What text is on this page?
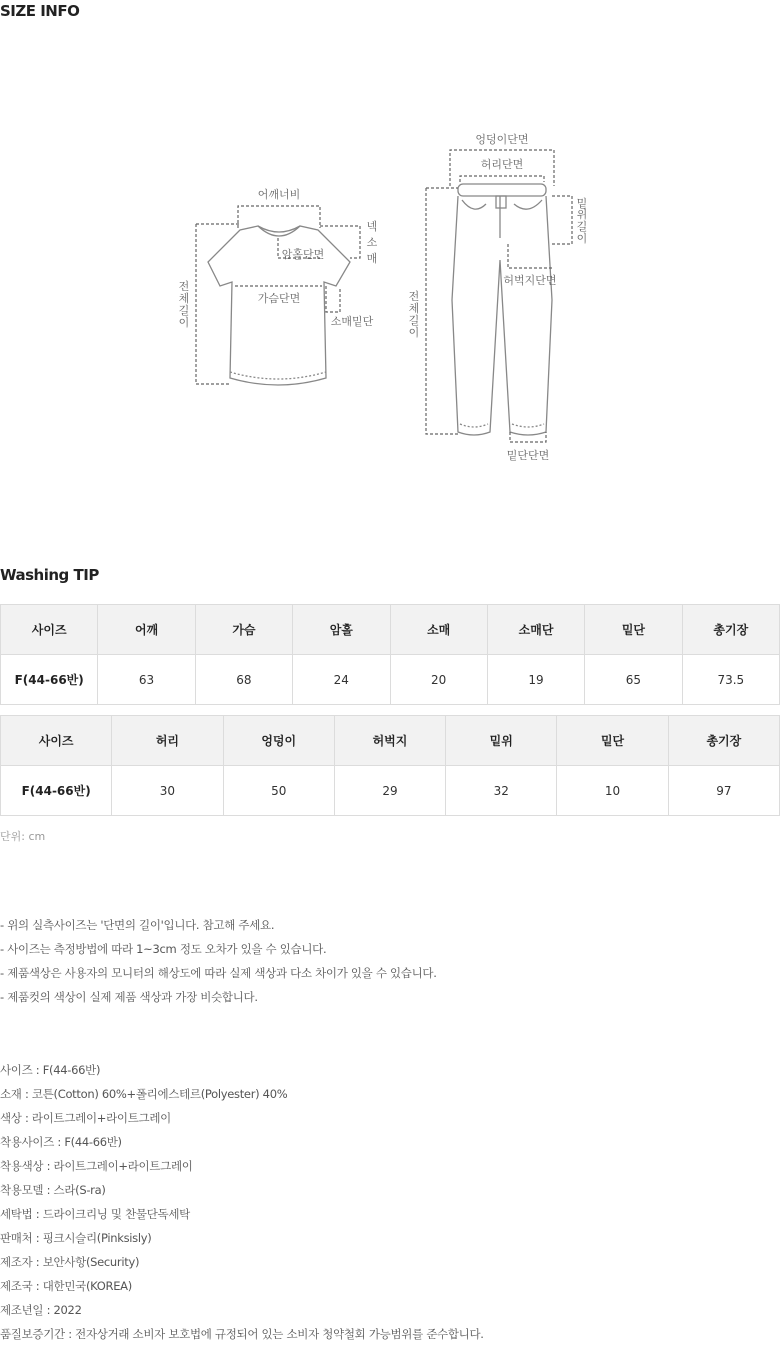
SIZE INFO
어깨너비
암홀단면
넥
소
매
가슴단면
소매밑단
전
체
길
이
엉덩이단면
허리단면
밑
위
길
이
허벅지단면
전
체
길
이
밑단단면
Washing TIP
사이즈	어깨	가슴	암홀	소매	소매단	밑단	총기장
F(44-66반)	63	68	24	20	19	65	73.5
사이즈	허리	엉덩이	허벅지	밑위	밑단	총기장
F(44-66반)	30	50	29	32	10	97
단위: cm
- 위의 실측사이즈는 '단면의 길이'입니다. 참고해 주세요.
- 사이즈는 측정방법에 따라 1~3cm 정도 오차가 있을 수 있습니다.
- 제품색상은 사용자의 모니터의 해상도에 따라 실제 색상과 다소 차이가 있을 수 있습니다.
- 제품컷의 색상이 실제 제품 색상과 가장 비슷합니다.
사이즈 : F(44-66반)
소재 : 코튼(Cotton) 60%+폴리에스테르(Polyester) 40%
색상 : 라이트그레이+라이트그레이
착용사이즈 : F(44-66반)
착용색상 : 라이트그레이+라이트그레이
착용모델 : 스라(S-ra)
세탁법 : 드라이크리닝 및 찬물단독세탁
판매처 : 핑크시슬리(Pinksisly)
제조자 : 보안사항(Security)
제조국 : 대한민국(KOREA)
제조년일 : 2022
품질보증기간 : 전자상거래 소비자 보호법에 규정되어 있는 소비자 청약철회 가능범위를 준수합니다.
